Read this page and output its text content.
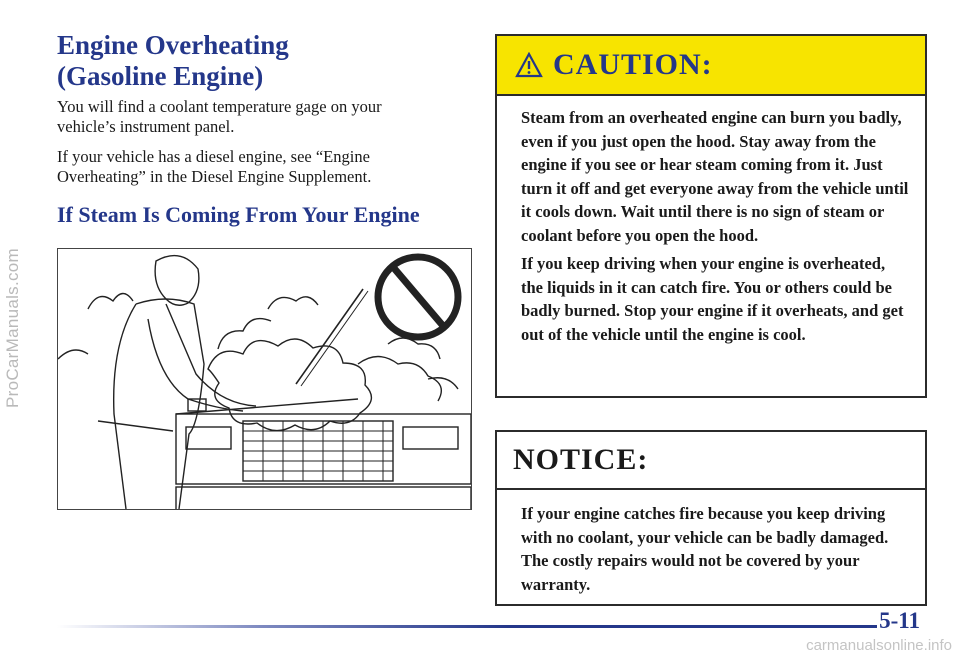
ProCarManuals.com
Engine Overheating
(Gasoline Engine)

You will find a coolant temperature gage on your vehicle’s instrument panel.

If your vehicle has a diesel engine, see “Engine Overheating” in the Diesel Engine Supplement.

If Steam Is Coming From Your Engine
CAUTION:

Steam from an overheated engine can burn you badly, even if you just open the hood. Stay away from the engine if you see or hear steam coming from it. Just turn it off and get everyone away from the vehicle until it cools down. Wait until there is no sign of steam or coolant before you open the hood.

If you keep driving when your engine is overheated, the liquids in it can catch fire. You or others could be badly burned. Stop your engine if it overheats, and get out of the vehicle until the engine is cool.

NOTICE:

If your engine catches fire because you keep driving with no coolant, your vehicle can be badly damaged. The costly repairs would not be covered by your warranty.

5-11
carmanualsonline.info
